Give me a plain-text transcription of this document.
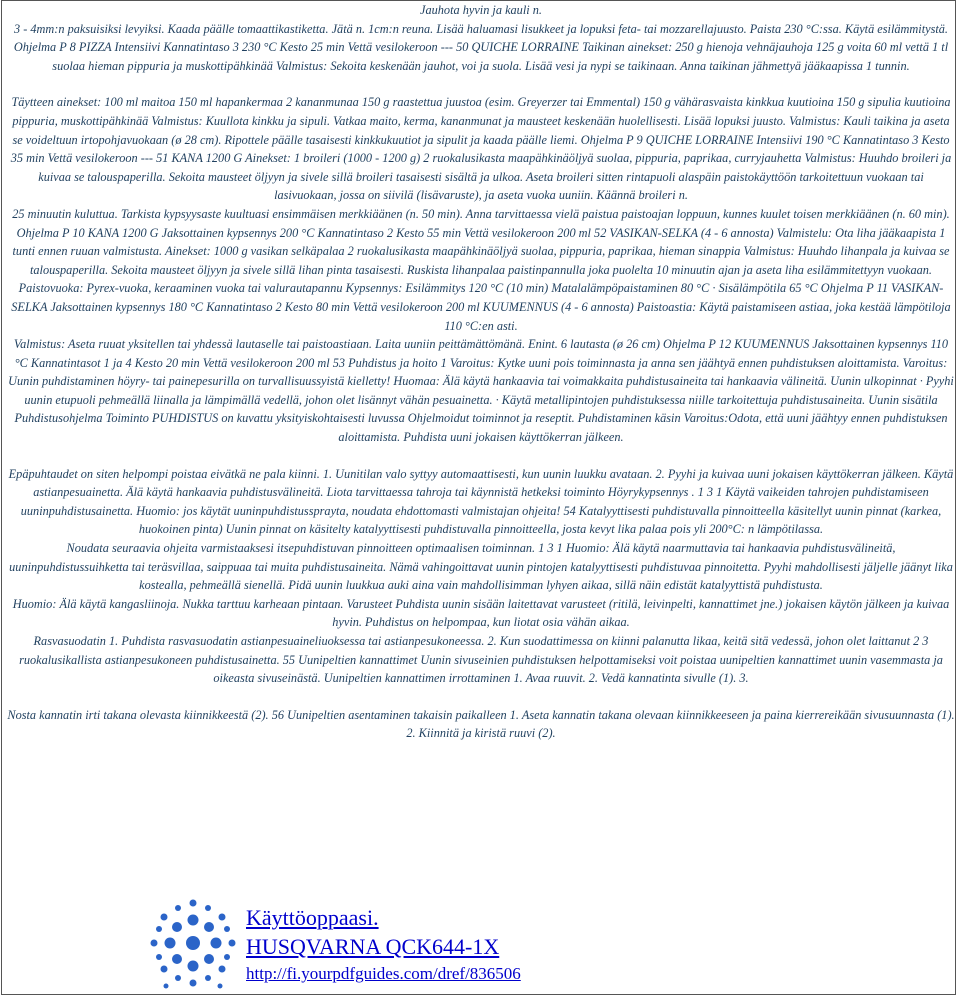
Jauhota hyvin ja kauli n.

3 - 4mm:n paksuisiksi levyiksi. Kaada päälle tomaattikastiketta. Jätä n. 1cm:n reuna. Lisää haluamasi lisukkeet ja lopuksi feta- tai mozzarellajuusto. Paista 230 °C:ssa. Käytä esilämmitystä. Ohjelma P 8 PIZZA Intensiivi Kannatintaso 3 230 °C Kesto 25 min Vettä vesilokeroon --- 50 QUICHE LORRAINE Taikinan ainekset: 250 g hienoja vehnäjauhoja 125 g voita 60 ml vettä 1 tl suolaa hieman pippuria ja muskottipähkinää Valmistus: Sekoita keskenään jauhot, voi ja suola. Lisää vesi ja nypi se taikinaan. Anna taikinan jähmettyä jääkaapissa 1 tunnin.

Täytteen ainekset: 100 ml maitoa 150 ml hapankermaa 2 kananmunaa 150 g raastettua juustoa (esim. Greyerzer tai Emmental) 150 g vähärasvaista kinkkua kuutioina 150 g sipulia kuutioina pippuria, muskottipähkinää Valmistus: Kuullota kinkku ja sipuli. Vatkaa maito, kerma, kananmunat ja mausteet keskenään huolellisesti. Lisää lopuksi juusto. Valmistus: Kauli taikina ja aseta se voideltuun irtopohjavuokaan (ø 28 cm). Ripottele päälle tasaisesti kinkkukuutiot ja sipulit ja kaada päälle liemi. Ohjelma P 9 QUICHE LORRAINE Intensiivi 190 °C Kannatintaso 3 Kesto 35 min Vettä vesilokeroon --- 51 KANA 1200 G Ainekset: 1 broileri (1000 - 1200 g) 2 ruokalusikasta maapähkinäöljyä suolaa, pippuria, paprikaa, curryjauhetta Valmistus: Huuhdo broileri ja kuivaa se talouspaperilla. Sekoita mausteet öljyyn ja sivele sillä broileri tasaisesti sisältä ja ulkoa. Aseta broileri sitten rintapuoli alaspäin paistokäyttöön tarkoitettuun vuokaan tai lasivuokaan, jossa on siivilä (lisävaruste), ja aseta vuoka uuniin. Käännä broileri n.

25 minuutin kuluttua. Tarkista kypsyysaste kuultuasi ensimmäisen merkkiäänen (n. 50 min). Anna tarvittaessa vielä paistua paistoajan loppuun, kunnes kuulet toisen merkkiäänen (n. 60 min).

Ohjelma P 10 KANA 1200 G Jaksottainen kypsennys 200 °C Kannatintaso 2 Kesto 55 min Vettä vesilokeroon 200 ml 52 VASIKAN-SELKA (4 - 6 annosta) Valmistelu: Ota liha jääkaapista 1 tunti ennen ruuan valmistusta. Ainekset: 1000 g vasikan selkäpalaa 2 ruokalusikasta maapähkinäöljyä suolaa, pippuria, paprikaa, hieman sinappia Valmistus: Huuhdo lihanpala ja kuivaa se talouspaperilla. Sekoita mausteet öljyyn ja sivele sillä lihan pinta tasaisesti. Ruskista lihanpalaa paistinpannulla joka puolelta 10 minuutin ajan ja aseta liha esilämmitettyyn vuokaan. Paistovuoka: Pyrex-vuoka, keraaminen vuoka tai valurautapannu Kypsennys: Esilämmitys 120 °C (10 min) Matalalämpöpaistaminen 80 °C · Sisälämpötila 65 °C Ohjelma P 11 VASIKAN-SELKA Jaksottainen kypsennys 180 °C Kannatintaso 2 Kesto 80 min Vettä vesilokeroon 200 ml KUUMENNUS (4 - 6 annosta) Paistoastia: Käytä paistamiseen astiaa, joka kestää lämpötiloja 110 °C:en asti.

Valmistus: Aseta ruuat yksitellen tai yhdessä lautaselle tai paistoastiaan. Laita uuniin peittämättömänä. Enint. 6 lautasta (ø 26 cm) Ohjelma P 12 KUUMENNUS Jaksottainen kypsennys 110 °C Kannatintasot 1 ja 4 Kesto 20 min Vettä vesilokeroon 200 ml 53 Puhdistus ja hoito 1 Varoitus: Kytke uuni pois toiminnasta ja anna sen jäähtyä ennen puhdistuksen aloittamista. Varoitus: Uunin puhdistaminen höyry- tai painepesurilla on turvallisuussyistä kielletty! Huomaa: Älä käytä hankaavia tai voimakkaita puhdistusaineita tai hankaavia välineitä. Uunin ulkopinnat · Pyyhi uunin etupuoli pehmeällä liinalla ja lämpimällä vedellä, johon olet lisännyt vähän pesuainetta. · Käytä metallipintojen puhdistuksessa niille tarkoitettuja puhdistusaineita. Uunin sisätila Puhdistusohjelma Toiminto PUHDISTUS on kuvattu yksityiskohtaisesti luvussa Ohjelmoidut toiminnot ja reseptit. Puhdistaminen käsin Varoitus:Odota, että uuni jäähtyy ennen puhdistuksen aloittamista. Puhdista uuni jokaisen käyttökerran jälkeen.

Epäpuhtaudet on siten helpompi poistaa eivätkä ne pala kiinni. 1. Uunitilan valo syttyy automaattisesti, kun uunin luukku avataan. 2. Pyyhi ja kuivaa uuni jokaisen käyttökerran jälkeen. Käytä astianpesuainetta. Älä käytä hankaavia puhdistusvälineitä. Liota tarvittaessa tahroja tai käynnistä hetkeksi toiminto Höyrykypsennys . 1 3 1 Käytä vaikeiden tahrojen puhdistamiseen uuninpuhdistusainetta. Huomio: jos käytät uuninpuhdistussprayta, noudata ehdottomasti valmistajan ohjeita! 54 Katalyyttisesti puhdistuvalla pinnoitteella käsitellyt uunin pinnat (karkea, huokoinen pinta) Uunin pinnat on käsitelty katalyyttisesti puhdistuvalla pinnoitteella, josta kevyt lika palaa pois yli 200°C: n lämpötilassa.

Noudata seuraavia ohjeita varmistaaksesi itsepuhdistuvan pinnoitteen optimaalisen toiminnan. 1 3 1 Huomio: Älä käytä naarmuttavia tai hankaavia puhdistusvälineitä, uuninpuhdistussuihketta tai teräsvillaa, saippuaa tai muita puhdistusaineita. Nämä vahingoittavat uunin pintojen katalyyttisesti puhdistuvaa pinnoitetta. Pyyhi mahdollisesti jäljelle jäänyt lika kostealla, pehmeällä sienellä. Pidä uunin luukkua auki aina vain mahdollisimman lyhyen aikaa, sillä näin edistät katalyyttistä puhdistusta.

Huomio: Älä käytä kangasliinoja. Nukka tarttuu karheaan pintaan. Varusteet Puhdista uunin sisään laitettavat varusteet (ritilä, leivinpelti, kannattimet jne.) jokaisen käytön jälkeen ja kuivaa hyvin. Puhdistus on helpompaa, kun liotat osia vähän aikaa.

Rasvasuodatin 1. Puhdista rasvasuodatin astianpesuaineliuoksessa tai astianpesukoneessa. 2. Kun suodattimessa on kiinni palanutta likaa, keitä sitä vedessä, johon olet laittanut 2 3 ruokalusikallista astianpesukoneen puhdistusainetta. 55 Uunipeltien kannattimet Uunin sivuseinien puhdistuksen helpottamiseksi voit poistaa uunipeltien kannattimet uunin vasemmasta ja oikeasta sivuseinästä. Uunipeltien kannattimen irrottaminen 1. Avaa ruuvit. 2. Vedä kannatinta sivulle (1). 3.

Nosta kannatin irti takana olevasta kiinnikkeestä (2). 56 Uunipeltien asentaminen takaisin paikalleen 1. Aseta kannatin takana olevaan kiinnikkeeseen ja paina kierrereikään sivusuunnasta (1). 2. Kiinnitä ja kiristä ruuvi (2).

Käyttöoppaasi.
HUSQVARNA QCK644-1X
http://fi.yourpdfguides.com/dref/836506
